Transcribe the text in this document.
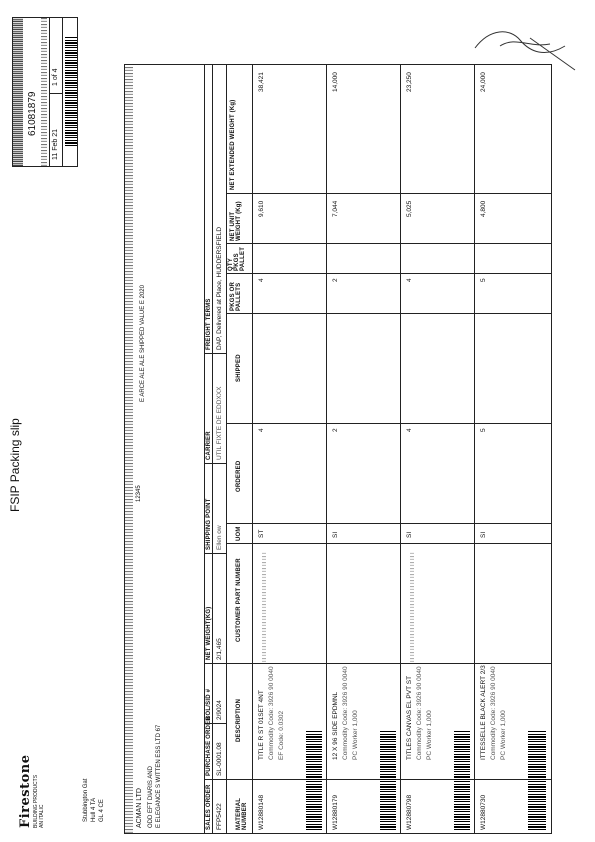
FSIP Packing slip
Firestone BUILDING PRODUCTS AN ITALIC	Stubbington Gat Hull 4 TA GL 4 CE
61081879
11 Feb 21
1 of 4
ACMAN LTD ODD EFT DIARIS AND E ELEGANCE S WITTEN ESS LTD 67
12345
E ARCE ALE ALE SHIPPED VALUE E 2020
SALES ORDER
PURCHASE ORDER
BOL/SID #
NET WEIGHT(KG)
SHIPPING POINT
CARRIER
FREIGHT TERMS
FFP5422
SL-0001.08
2/9024
2/1,465
Ellen ow
UTIL FIXTE DE EDDXXX
DAP, Delivered at Place, HUDDERSFIELD
MATERIAL NUMBER
DESCRIPTION
CUSTOMER PART NUMBER
UOM
ORDERED
SHIPPED
PKGS OR PALLETS
QTY PKGS PALLET
NET UNIT WEIGHT (Kg)
NET EXTENDED WEIGHT (Kg)
W12880148
TITLE R ST 01SET 4NT Commodity Code: 3926 90 0040 EF Code: 0.0302
ST
4
4
9,610
38,421
W12880179
12 X 96 SIDE EPDMNL Commodity Code: 3926 90 0040 PC Worker 1,000
SI
2
2
7,044
14,000
W12880798
TITLES CANVAS EL PVT ST Commodity Code: 3926 90 0040 PC Worker 1,000
SI
4
4
5,025
23,250
W12880730
ITTESSELLE BLACK ALERT 2/3 Commodity Code: 3926 90 0040 PC Worker 1,000
SI
5
5
4,800
24,000
